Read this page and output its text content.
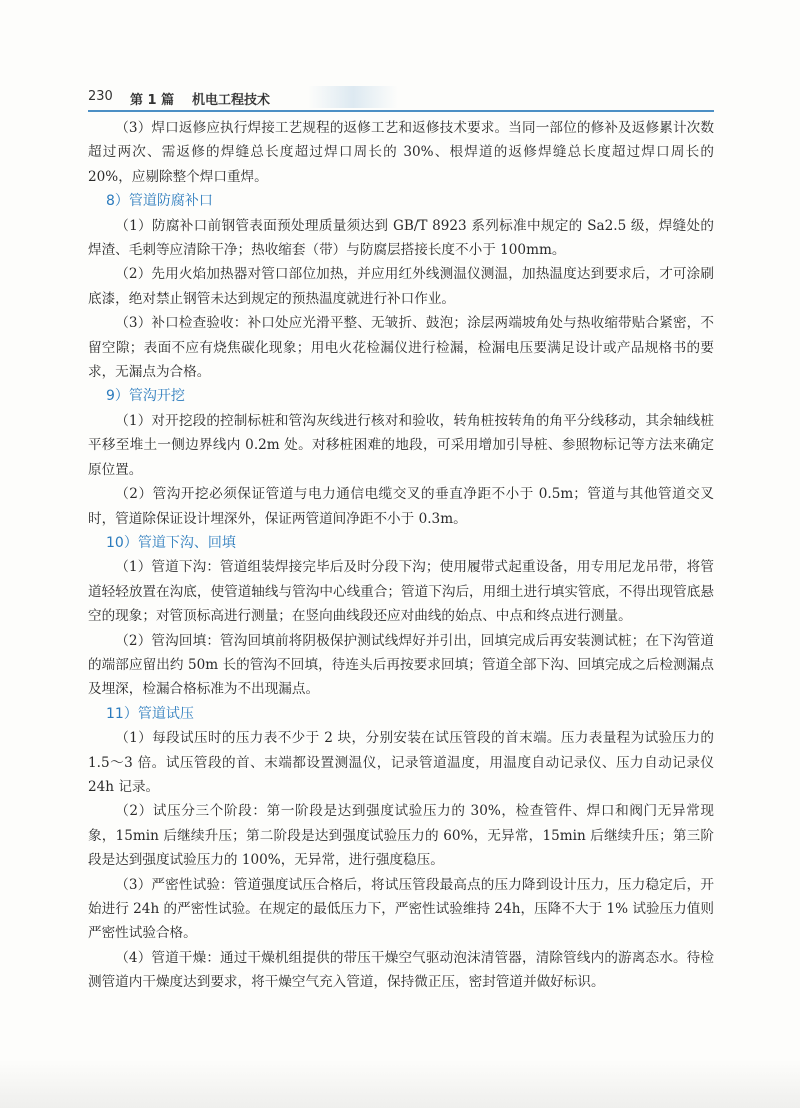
230 第 1 篇 机电工程技术

（3）焊口返修应执行焊接工艺规程的返修工艺和返修技术要求。当同一部位的修补及返修累计次数超过两次、需返修的焊缝总长度超过焊口周长的 30%、根焊道的返修焊缝总长度超过焊口周长的 20%，应剔除整个焊口重焊。

8）管道防腐补口

（1）防腐补口前钢管表面预处理质量须达到 GB/T 8923 系列标准中规定的 Sa2.5 级，焊缝处的焊渣、毛刺等应清除干净；热收缩套（带）与防腐层搭接长度不小于 100mm。

（2）先用火焰加热器对管口部位加热，并应用红外线测温仪测温，加热温度达到要求后，才可涂刷底漆，绝对禁止钢管未达到规定的预热温度就进行补口作业。

（3）补口检查验收：补口处应光滑平整、无皱折、鼓泡；涂层两端坡角处与热收缩带贴合紧密，不留空隙；表面不应有烧焦碳化现象；用电火花检漏仪进行检漏，检漏电压要满足设计或产品规格书的要求，无漏点为合格。

9）管沟开挖

（1）对开挖段的控制标桩和管沟灰线进行核对和验收，转角桩按转角的角平分线移动，其余轴线桩平移至堆土一侧边界线内 0.2m 处。对移桩困难的地段，可采用增加引导桩、参照物标记等方法来确定原位置。

（2）管沟开挖必须保证管道与电力通信电缆交叉的垂直净距不小于 0.5m；管道与其他管道交叉时，管道除保证设计埋深外，保证两管道间净距不小于 0.3m。

10）管道下沟、回填

（1）管道下沟：管道组装焊接完毕后及时分段下沟；使用履带式起重设备，用专用尼龙吊带，将管道轻轻放置在沟底，使管道轴线与管沟中心线重合；管道下沟后，用细土进行填实管底，不得出现管底悬空的现象；对管顶标高进行测量；在竖向曲线段还应对曲线的始点、中点和终点进行测量。

（2）管沟回填：管沟回填前将阴极保护测试线焊好并引出，回填完成后再安装测试桩；在下沟管道的端部应留出约 50m 长的管沟不回填，待连头后再按要求回填；管道全部下沟、回填完成之后检测漏点及埋深，检漏合格标准为不出现漏点。

11）管道试压

（1）每段试压时的压力表不少于 2 块，分别安装在试压管段的首末端。压力表量程为试验压力的 1.5～3 倍。试压管段的首、末端都设置测温仪，记录管道温度，用温度自动记录仪、压力自动记录仪 24h 记录。

（2）试压分三个阶段：第一阶段是达到强度试验压力的 30%，检查管件、焊口和阀门无异常现象，15min 后继续升压；第二阶段是达到强度试验压力的 60%，无异常，15min 后继续升压；第三阶段是达到强度试验压力的 100%，无异常，进行强度稳压。

（3）严密性试验：管道强度试压合格后，将试压管段最高点的压力降到设计压力，压力稳定后，开始进行 24h 的严密性试验。在规定的最低压力下，严密性试验维持 24h，压降不大于 1% 试验压力值则严密性试验合格。

（4）管道干燥：通过干燥机组提供的带压干燥空气驱动泡沫清管器，清除管线内的游离态水。待检测管道内干燥度达到要求，将干燥空气充入管道，保持微正压，密封管道并做好标识。
